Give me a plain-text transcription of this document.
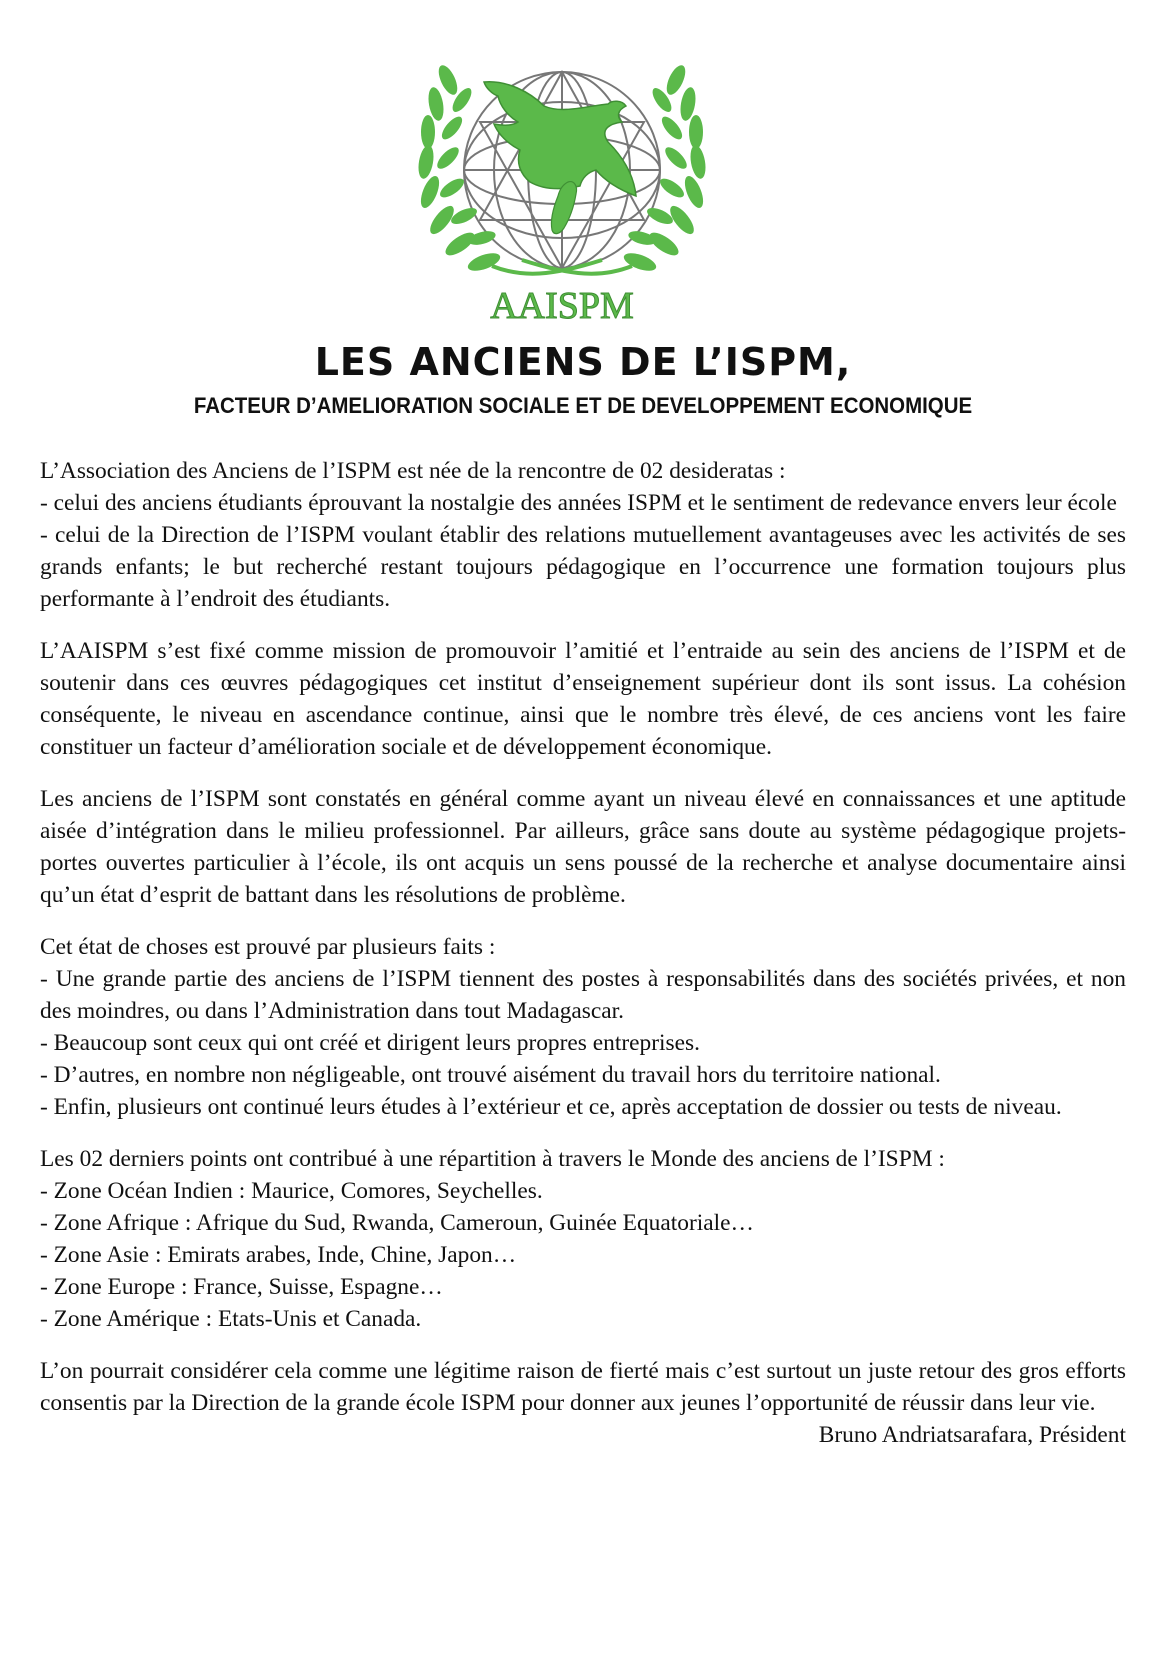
AAISPM
LES ANCIENS DE L’ISPM,
FACTEUR D’AMELIORATION SOCIALE ET DE DEVELOPPEMENT ECONOMIQUE

L’Association des Anciens de l’ISPM est née de la rencontre de 02 desideratas :
- celui des anciens étudiants éprouvant la nostalgie des années ISPM et le sentiment de redevance envers leur école
- celui de la Direction de l’ISPM voulant établir des relations mutuellement avantageuses avec les activités de ses grands enfants; le but recherché restant toujours pédagogique en l’occurrence une formation toujours plus performante à l’endroit des étudiants.

L’AAISPM s’est fixé comme mission de promouvoir l’amitié et l’entraide au sein des anciens de l’ISPM et de soutenir dans ces œuvres pédagogiques cet institut d’enseignement supérieur dont ils sont issus. La cohésion conséquente, le niveau en ascendance continue, ainsi que le nombre très élevé, de ces anciens vont les faire constituer un facteur d’amélioration sociale et de développement économique.

Les anciens de l’ISPM sont constatés en général comme ayant un niveau élevé en connaissances et une aptitude aisée d’intégration dans le milieu professionnel. Par ailleurs, grâce sans doute au système pédagogique projets-portes ouvertes particulier à l’école, ils ont acquis un sens poussé de la recherche et analyse documentaire ainsi qu’un état d’esprit de battant dans les résolutions de problème.

Cet état de choses est prouvé par plusieurs faits :
- Une grande partie des anciens de l’ISPM tiennent des postes à responsabilités dans des sociétés privées, et non des moindres, ou dans l’Administration dans tout Madagascar.
- Beaucoup sont ceux qui ont créé et dirigent leurs propres entreprises.
- D’autres, en nombre non négligeable, ont trouvé aisément du travail hors du territoire national.
- Enfin, plusieurs ont continué leurs études à l’extérieur et ce, après acceptation de dossier ou tests de niveau.

Les 02 derniers points ont contribué à une répartition à travers le Monde des anciens de l’ISPM :
- Zone Océan Indien : Maurice, Comores, Seychelles.
- Zone Afrique : Afrique du Sud, Rwanda, Cameroun, Guinée Equatoriale…
- Zone Asie : Emirats arabes, Inde, Chine, Japon…
- Zone Europe : France, Suisse, Espagne…
- Zone Amérique : Etats-Unis et Canada.

L’on pourrait considérer cela comme une légitime raison de fierté mais c’est surtout un juste retour des gros efforts consentis par la Direction de la grande école ISPM pour donner aux jeunes l’opportunité de réussir dans leur vie.

Bruno Andriatsarafara, Président
